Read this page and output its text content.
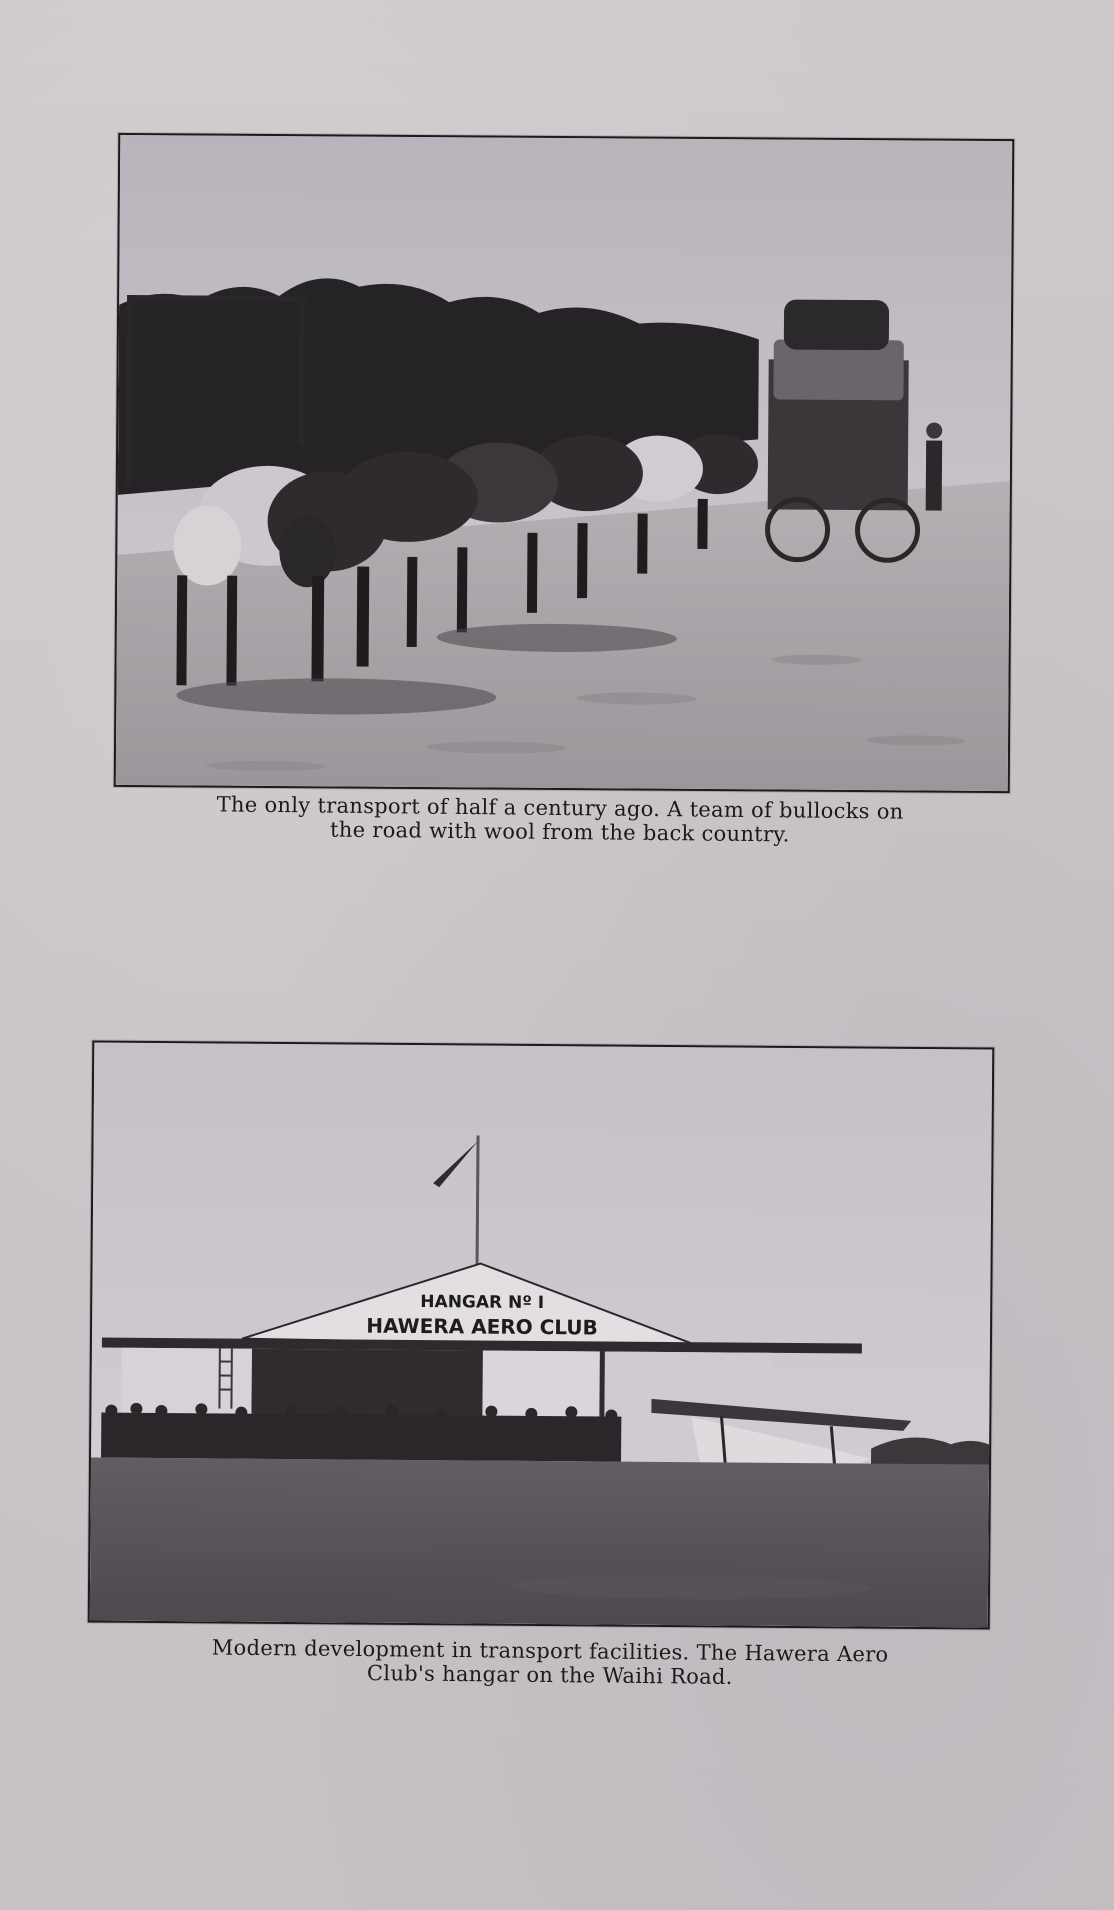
The only transport of half a century ago. A team of bullocks on
the road with wool from the back country.
HANGAR Nº I
HAWERA AERO CLUB
Modern development in transport facilities. The Hawera Aero
Club's hangar on the Waihi Road.
